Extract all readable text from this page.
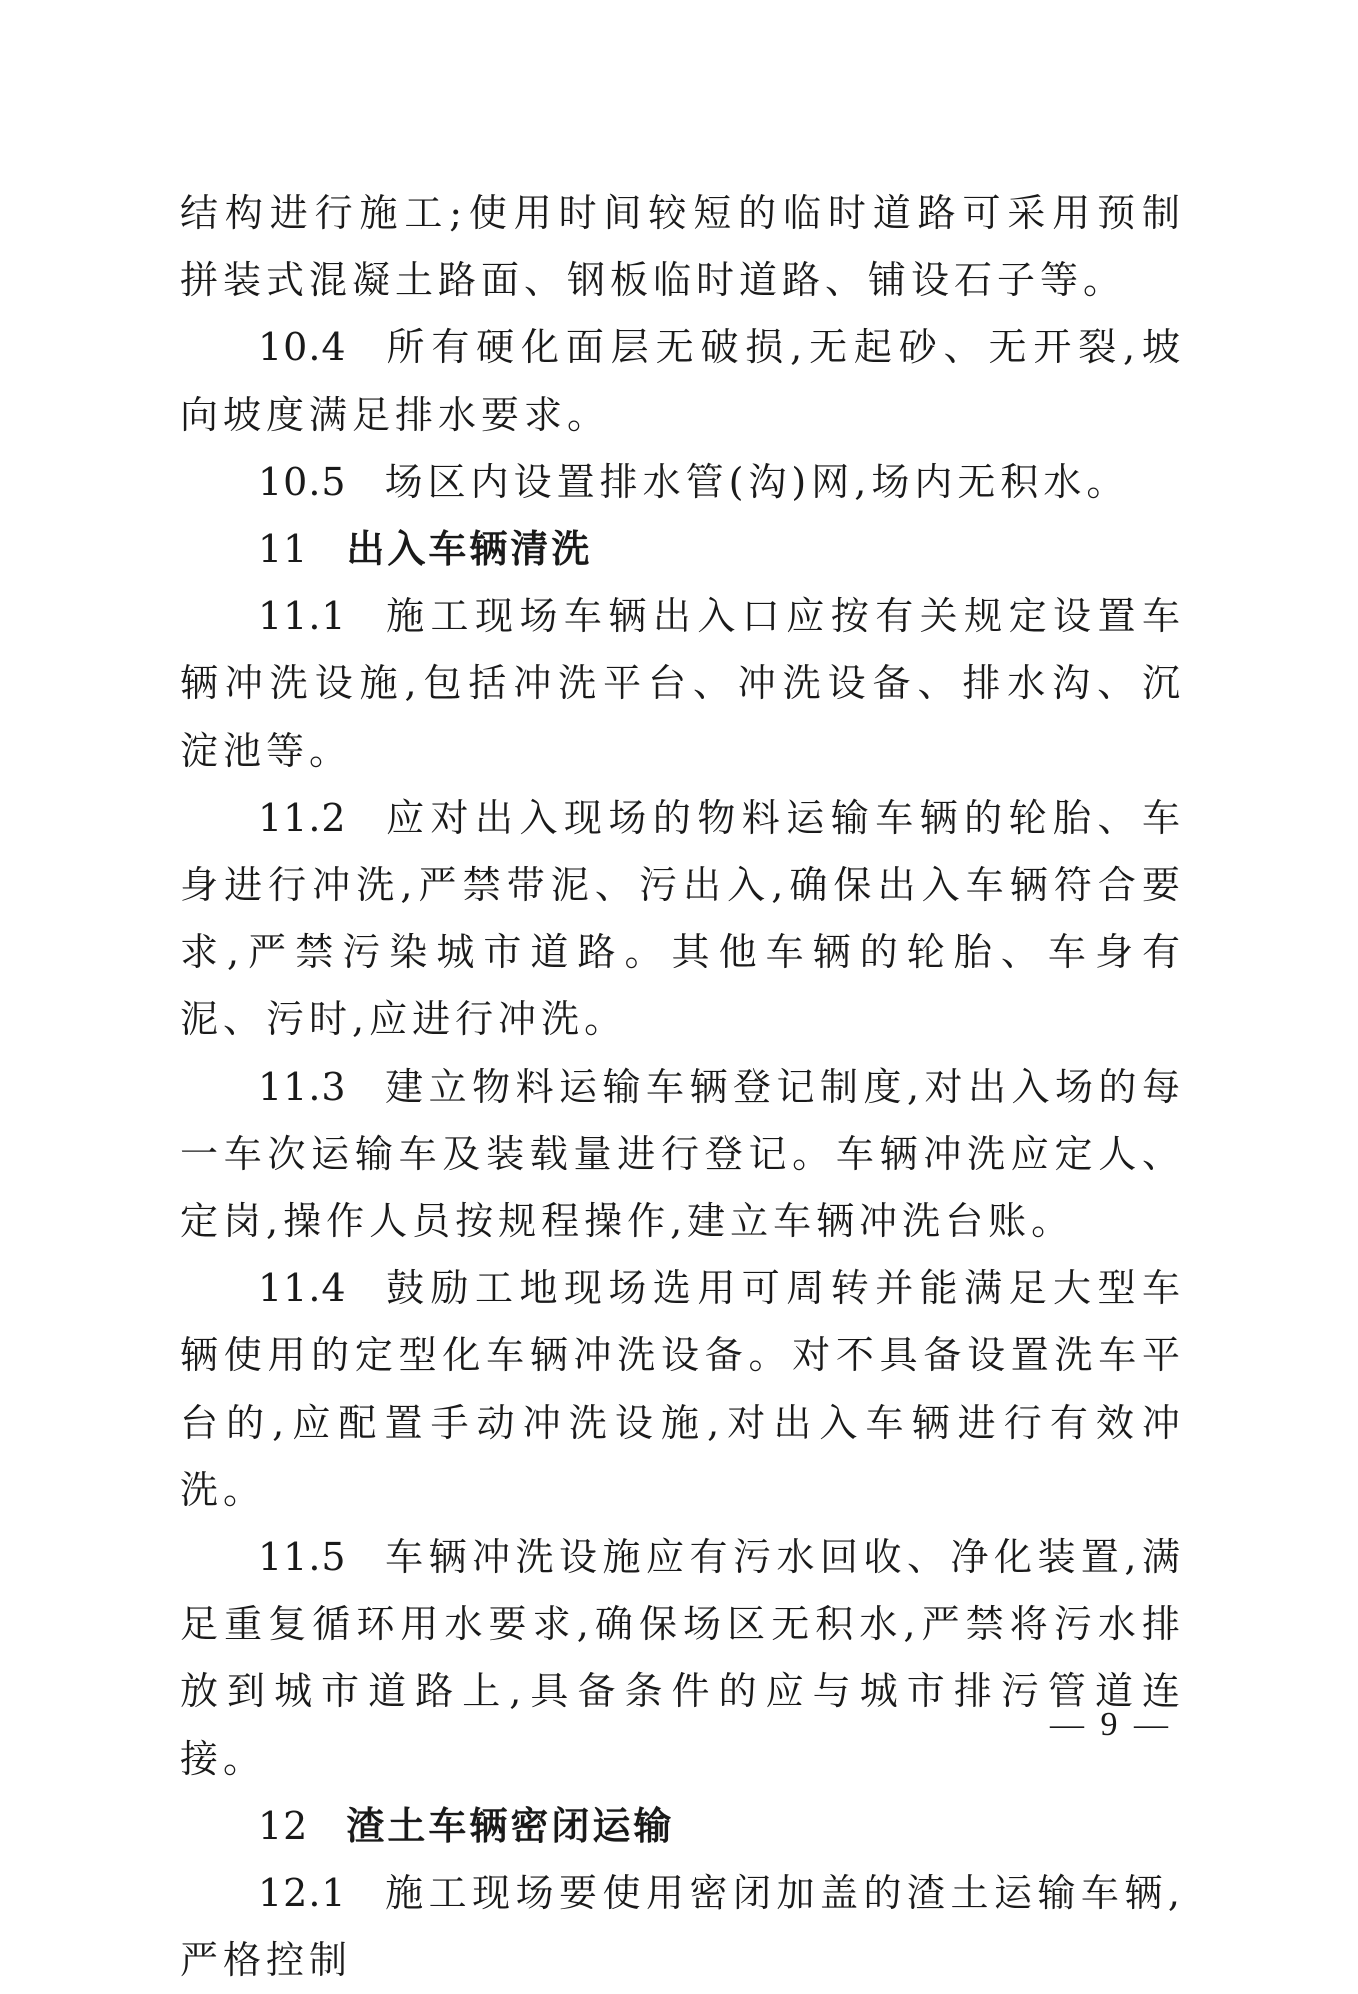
结构进行施工;使用时间较短的临时道路可采用预制拼装式混凝土路面、钢板临时道路、铺设石子等。

10.4 所有硬化面层无破损,无起砂、无开裂,坡向坡度满足排水要求。

10.5 场区内设置排水管(沟)网,场内无积水。

11 出入车辆清洗

11.1 施工现场车辆出入口应按有关规定设置车辆冲洗设施,包括冲洗平台、冲洗设备、排水沟、沉淀池等。

11.2 应对出入现场的物料运输车辆的轮胎、车身进行冲洗,严禁带泥、污出入,确保出入车辆符合要求,严禁污染城市道路。其他车辆的轮胎、车身有泥、污时,应进行冲洗。

11.3 建立物料运输车辆登记制度,对出入场的每一车次运输车及装载量进行登记。车辆冲洗应定人、定岗,操作人员按规程操作,建立车辆冲洗台账。

11.4 鼓励工地现场选用可周转并能满足大型车辆使用的定型化车辆冲洗设备。对不具备设置洗车平台的,应配置手动冲洗设施,对出入车辆进行有效冲洗。

11.5 车辆冲洗设施应有污水回收、净化装置,满足重复循环用水要求,确保场区无积水,严禁将污水排放到城市道路上,具备条件的应与城市排污管道连接。

12 渣土车辆密闭运输

12.1 施工现场要使用密闭加盖的渣土运输车辆,严格控制

— 9 —
